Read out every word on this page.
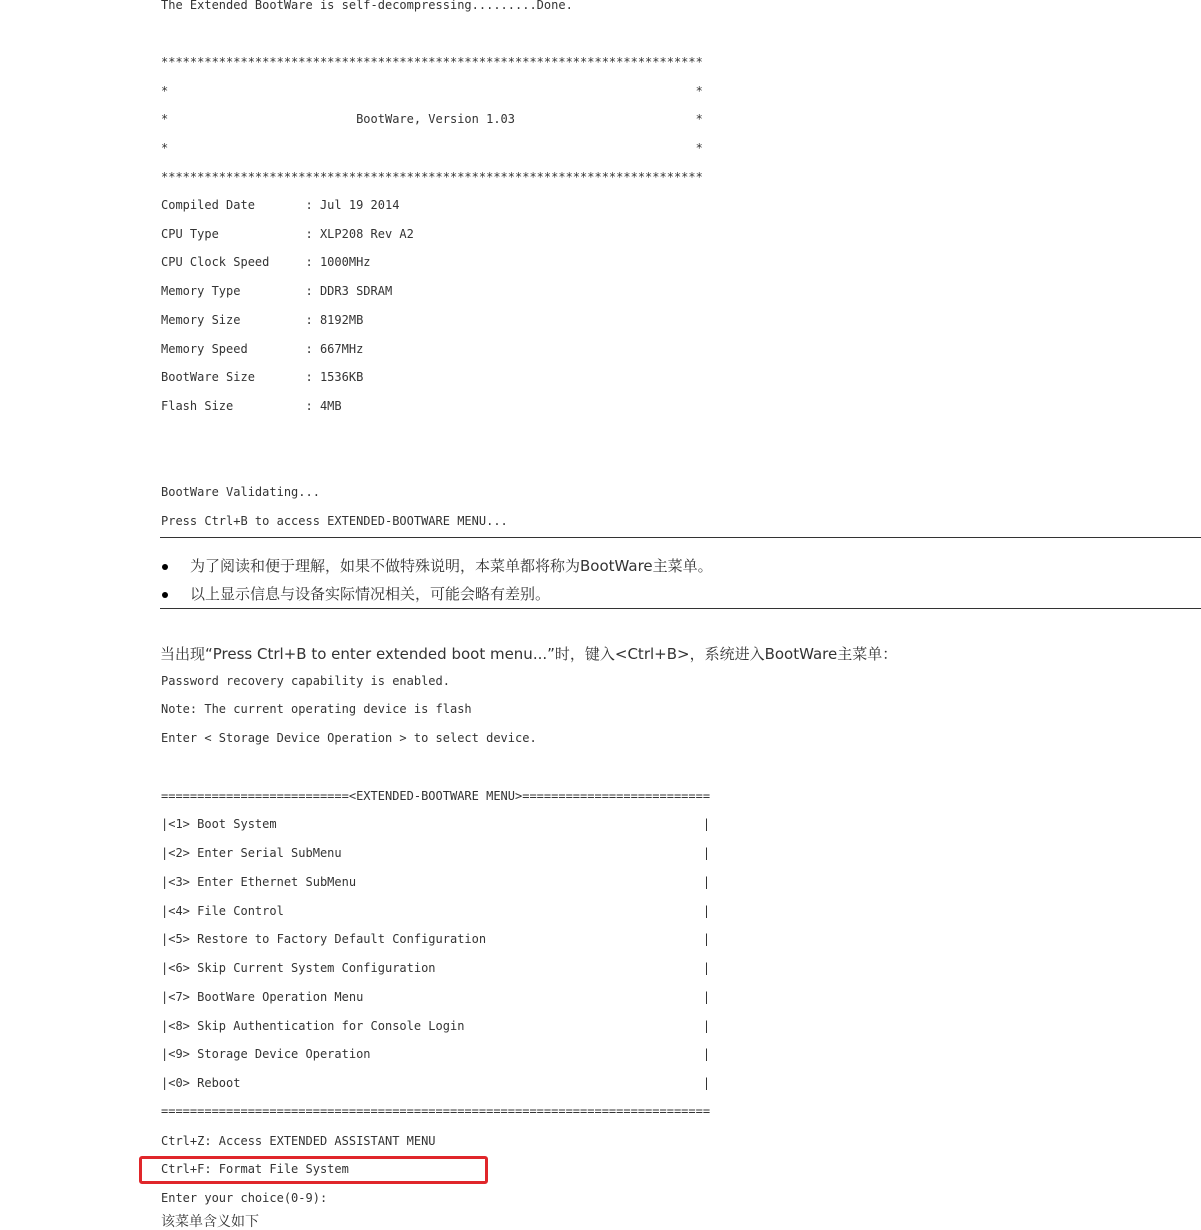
The Extended BootWare is self-decompressing.........Done.

***************************************************************************

*                                                                         *

*                          BootWare, Version 1.03                         *

*                                                                         *

***************************************************************************

Compiled Date       : Jul 19 2014

CPU Type            : XLP208 Rev A2

CPU Clock Speed     : 1000MHz

Memory Type         : DDR3 SDRAM

Memory Size         : 8192MB

Memory Speed        : 667MHz

BootWare Size       : 1536KB

Flash Size          : 4MB

BootWare Validating...

Press Ctrl+B to access EXTENDED-BOOTWARE MENU...

为了阅读和便于理解，如果不做特殊说明，本菜单都将称为BootWare主菜单。
以上显示信息与设备实际情况相关，可能会略有差别。
当出现“Press Ctrl+B to enter extended boot menu...”时，键入<Ctrl+B>，系统进入BootWare主菜单：

Password recovery capability is enabled.

Note: The current operating device is flash

Enter < Storage Device Operation > to select device.

==========================<EXTENDED-BOOTWARE MENU>==========================

|<1> Boot System                                                           |

|<2> Enter Serial SubMenu                                                  |

|<3> Enter Ethernet SubMenu                                                |

|<4> File Control                                                          |

|<5> Restore to Factory Default Configuration                              |

|<6> Skip Current System Configuration                                     |

|<7> BootWare Operation Menu                                               |

|<8> Skip Authentication for Console Login                                 |

|<9> Storage Device Operation                                              |

|<0> Reboot                                                                |

============================================================================

Ctrl+Z: Access EXTENDED ASSISTANT MENU

Ctrl+F: Format File System

Enter your choice(0-9):

该菜单含义如下
